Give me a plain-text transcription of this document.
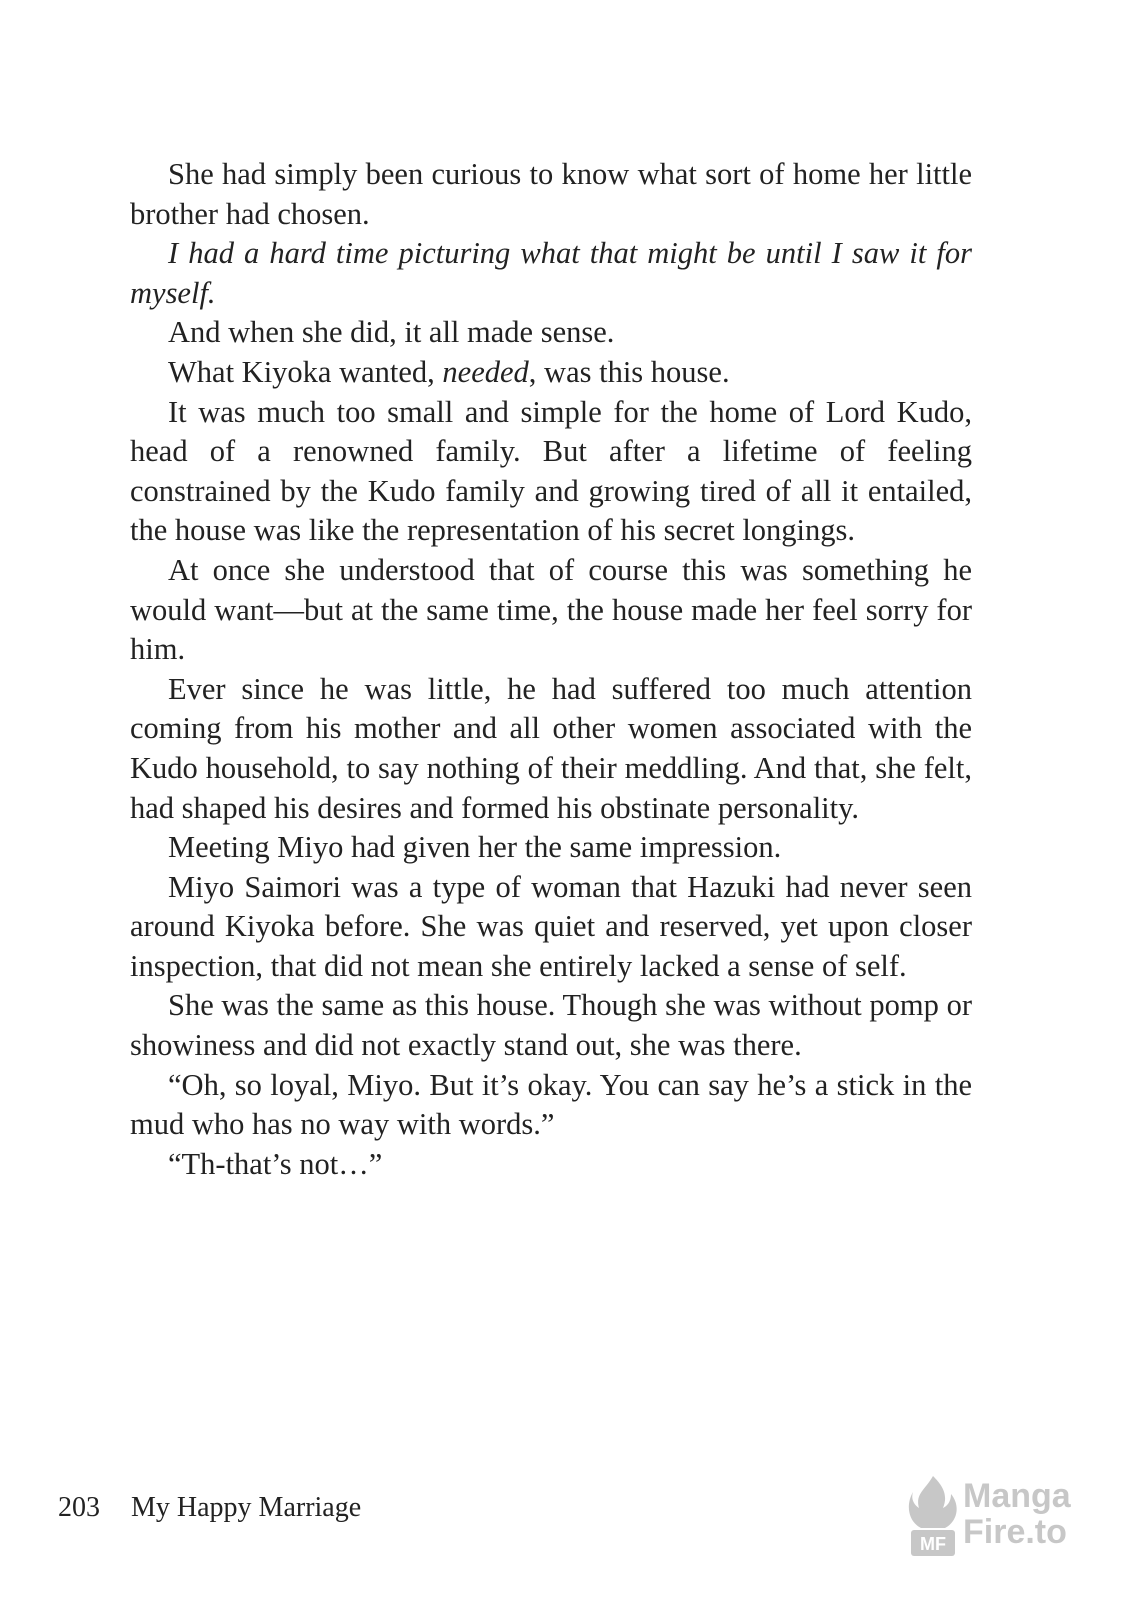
She had simply been curious to know what sort of home her little brother had chosen.

I had a hard time picturing what that might be until I saw it for myself.

And when she did, it all made sense.

What Kiyoka wanted, needed, was this house.

It was much too small and simple for the home of Lord Kudo, head of a renowned family. But after a lifetime of feeling constrained by the Kudo family and growing tired of all it entailed, the house was like the representation of his secret longings.

At once she understood that of course this was something he would want—but at the same time, the house made her feel sorry for him.

Ever since he was little, he had suffered too much attention coming from his mother and all other women associated with the Kudo household, to say nothing of their meddling. And that, she felt, had shaped his desires and formed his obstinate personality.

Meeting Miyo had given her the same impression.

Miyo Saimori was a type of woman that Hazuki had never seen around Kiyoka before. She was quiet and reserved, yet upon closer inspection, that did not mean she entirely lacked a sense of self.

She was the same as this house. Though she was without pomp or showiness and did not exactly stand out, she was there.

“Oh, so loyal, Miyo. But it’s okay. You can say he’s a stick in the mud who has no way with words.”

“Th-that’s not…”

203 My Happy Marriage
MF
Manga
Fire.to
